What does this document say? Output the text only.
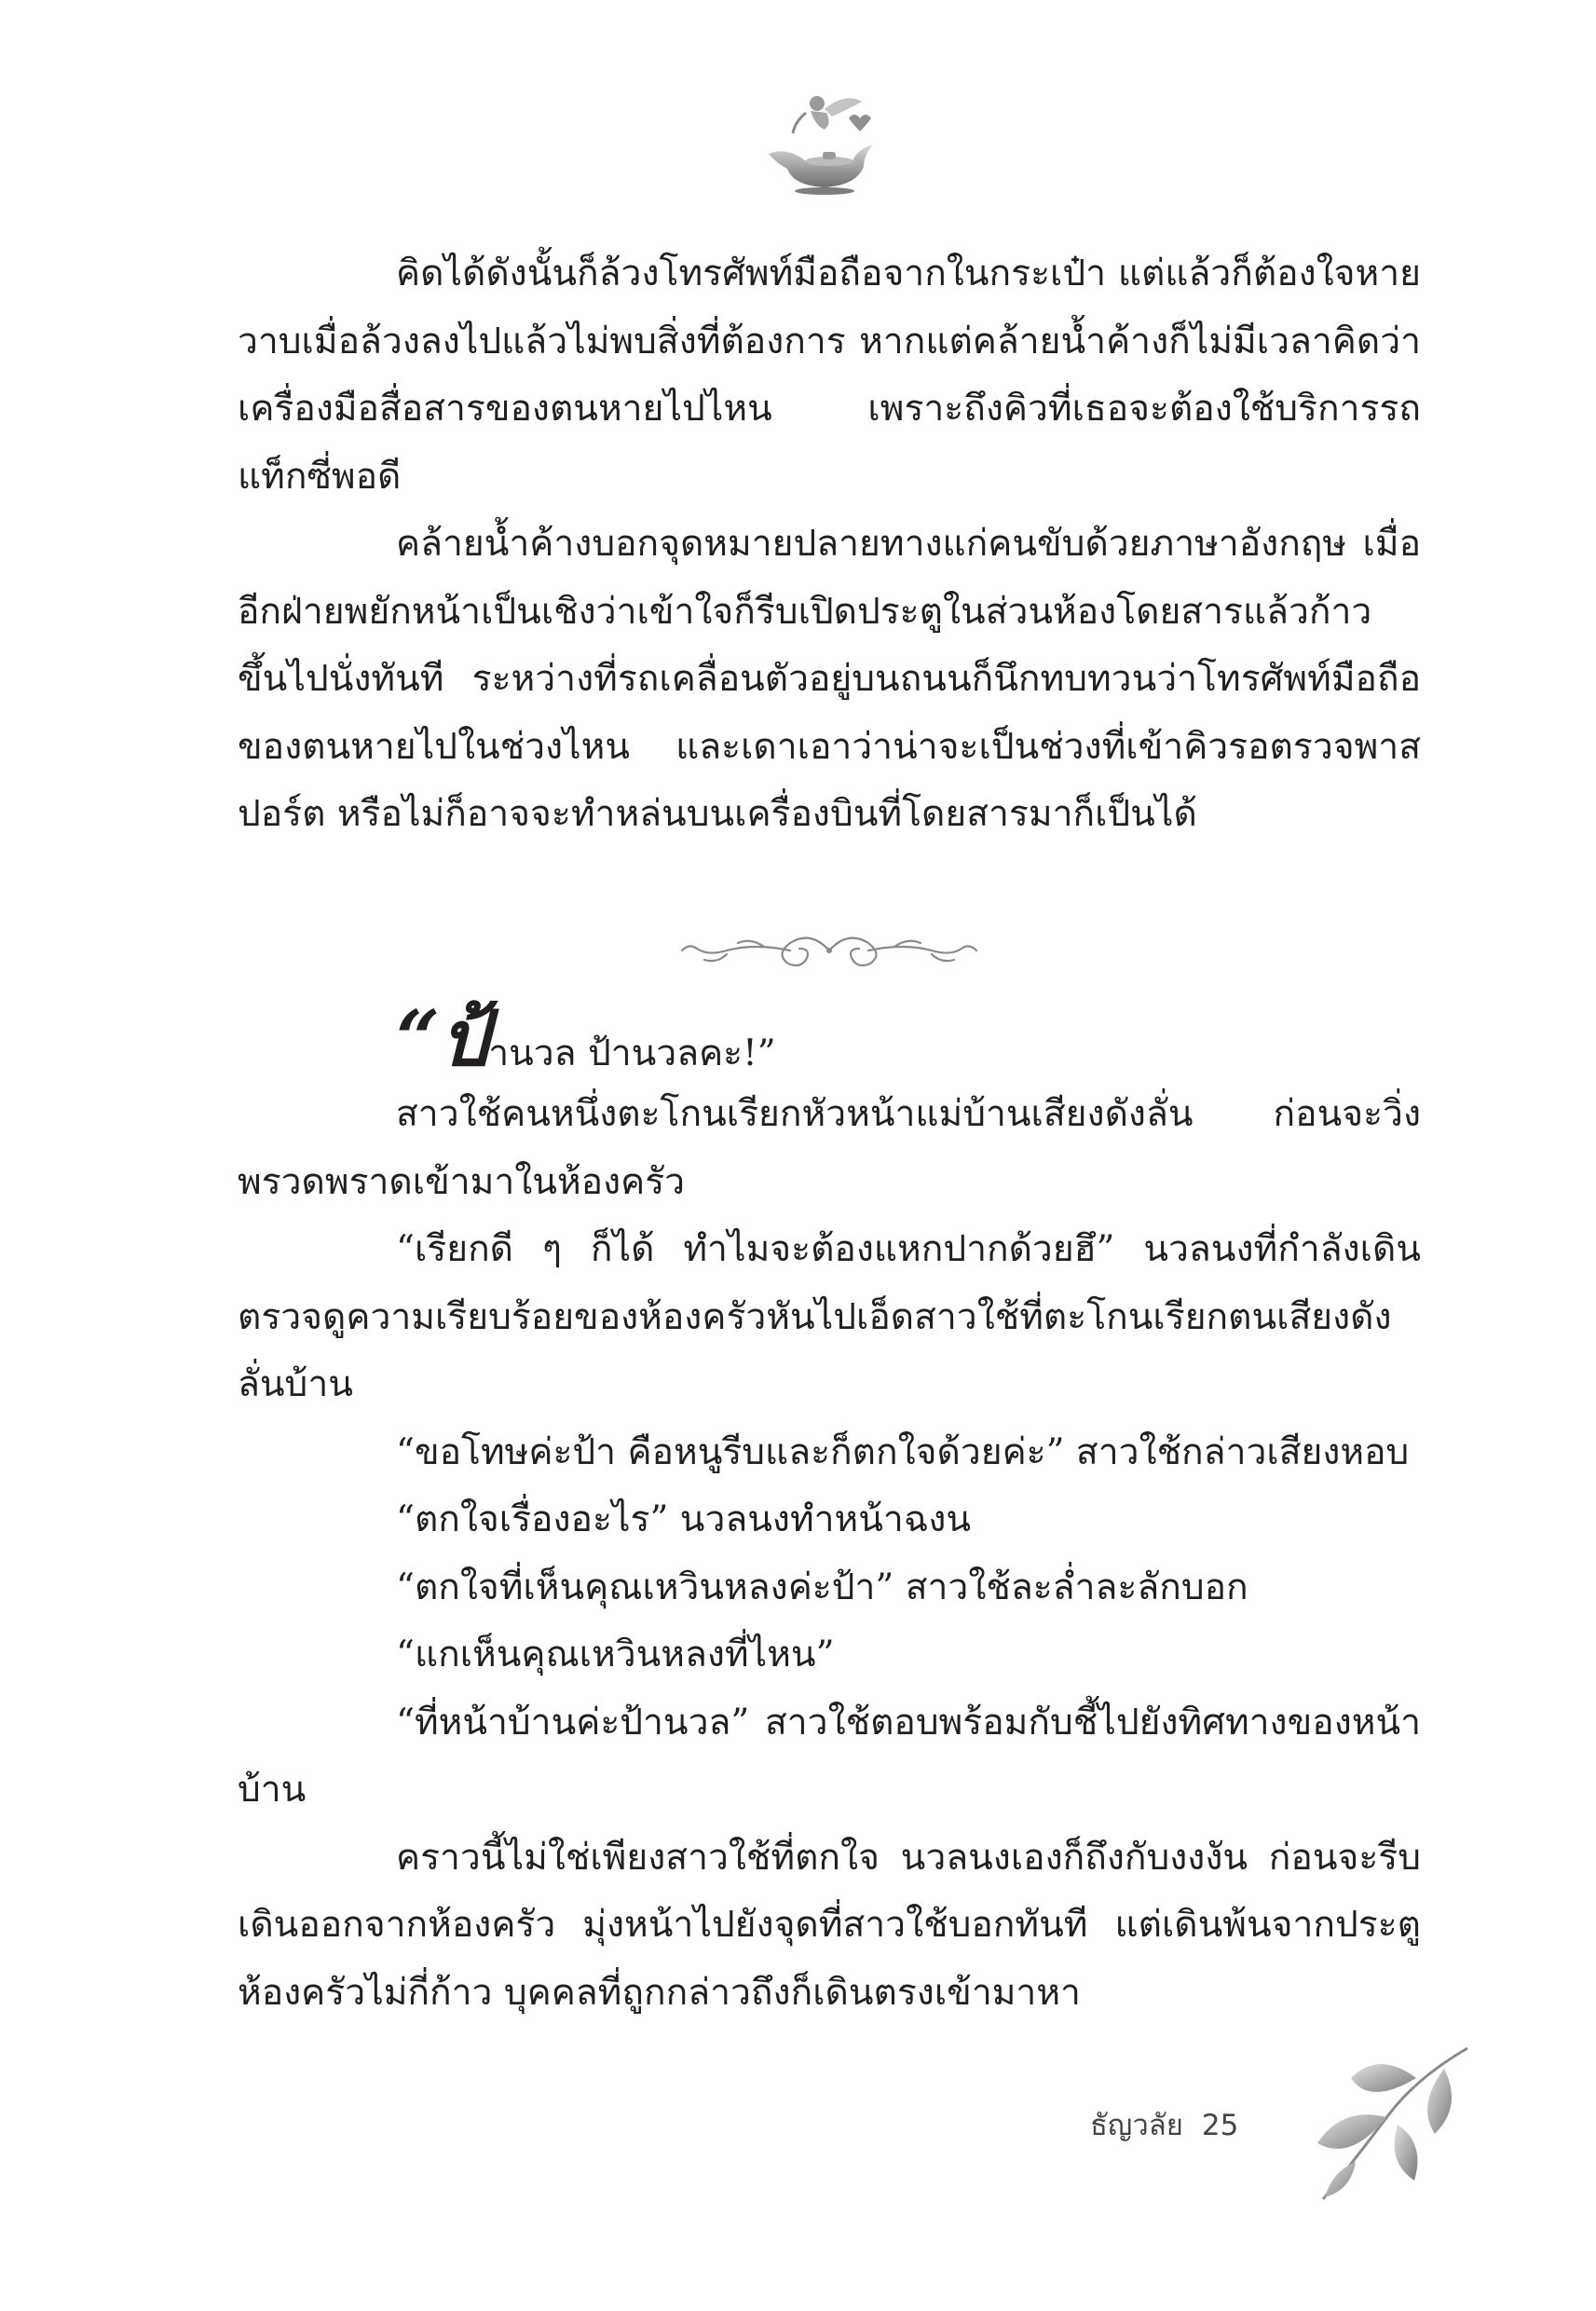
คิดได้ดังนั้นก็ล้วงโทรศัพท์มือถือจากในกระเป๋า แต่แล้วก็ต้องใจหายวาบเมื่อล้วงลงไปแล้วไม่พบสิ่งที่ต้องการ หากแต่คล้ายน้ำค้างก็ไม่มีเวลาคิดว่าเครื่องมือสื่อสารของตนหายไปไหน เพราะถึงคิวที่เธอจะต้องใช้บริการรถแท็กซี่พอดี

คล้ายน้ำค้างบอกจุดหมายปลายทางแก่คนขับด้วยภาษาอังกฤษ เมื่ออีกฝ่ายพยักหน้าเป็นเชิงว่าเข้าใจก็รีบเปิดประตูในส่วนห้องโดยสารแล้วก้าวขึ้นไปนั่งทันที ระหว่างที่รถเคลื่อนตัวอยู่บนถนนก็นึกทบทวนว่าโทรศัพท์มือถือของตนหายไปในช่วงไหน และเดาเอาว่าน่าจะเป็นช่วงที่เข้าคิวรอตรวจพาสปอร์ต หรือไม่ก็อาจจะทำหล่นบนเครื่องบินที่โดยสารมาก็เป็นได้

“ป้านวล ป้านวลคะ!”

สาวใช้คนหนึ่งตะโกนเรียกหัวหน้าแม่บ้านเสียงดังลั่น ก่อนจะวิ่งพรวดพราดเข้ามาในห้องครัว

“เรียกดี ๆ ก็ได้ ทำไมจะต้องแหกปากด้วยฮึ” นวลนงที่กำลังเดินตรวจดูความเรียบร้อยของห้องครัวหันไปเอ็ดสาวใช้ที่ตะโกนเรียกตนเสียงดังลั่นบ้าน

“ขอโทษค่ะป้า คือหนูรีบและก็ตกใจด้วยค่ะ” สาวใช้กล่าวเสียงหอบ

“ตกใจเรื่องอะไร” นวลนงทำหน้าฉงน

“ตกใจที่เห็นคุณเหวินหลงค่ะป้า” สาวใช้ละล่ำละลักบอก

“แกเห็นคุณเหวินหลงที่ไหน”

“ที่หน้าบ้านค่ะป้านวล” สาวใช้ตอบพร้อมกับชี้ไปยังทิศทางของหน้าบ้าน

คราวนี้ไม่ใช่เพียงสาวใช้ที่ตกใจ นวลนงเองก็ถึงกับงงงัน ก่อนจะรีบเดินออกจากห้องครัว มุ่งหน้าไปยังจุดที่สาวใช้บอกทันที แต่เดินพ้นจากประตูห้องครัวไม่กี่ก้าว บุคคลที่ถูกกล่าวถึงก็เดินตรงเข้ามาหา

ธัญวลัย 25
